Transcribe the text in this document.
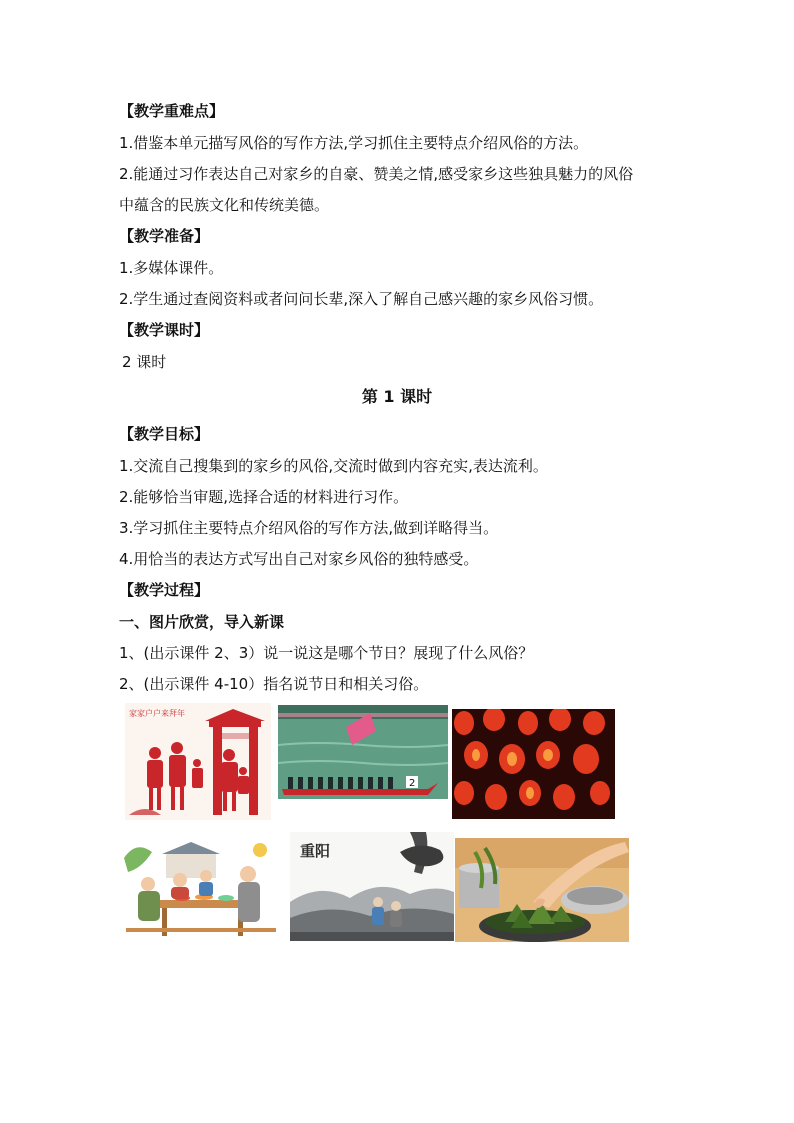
【教学重难点】
1.借鉴本单元描写风俗的写作方法,学习抓住主要特点介绍风俗的方法。
2.能通过习作表达自己对家乡的自豪、赞美之情,感受家乡这些独具魅力的风俗
中蕴含的民族文化和传统美德。
【教学准备】
1.多媒体课件。
2.学生通过查阅资料或者问问长辈,深入了解自己感兴趣的家乡风俗习惯。
【教学课时】
2 课时
第 1 课时
【教学目标】
1.交流自己搜集到的家乡的风俗,交流时做到内容充实,表达流利。
2.能够恰当审题,选择合适的材料进行习作。
3.学习抓住主要特点介绍风俗的写作方法,做到详略得当。
4.用恰当的表达方式写出自己对家乡风俗的独特感受。
【教学过程】
一、图片欣赏，导入新课
1、(出示课件 2、3）说一说这是哪个节日？展现了什么风俗？
2、(出示课件 4-10）指名说节日和相关习俗。
家家户户来拜年
2
重阳
